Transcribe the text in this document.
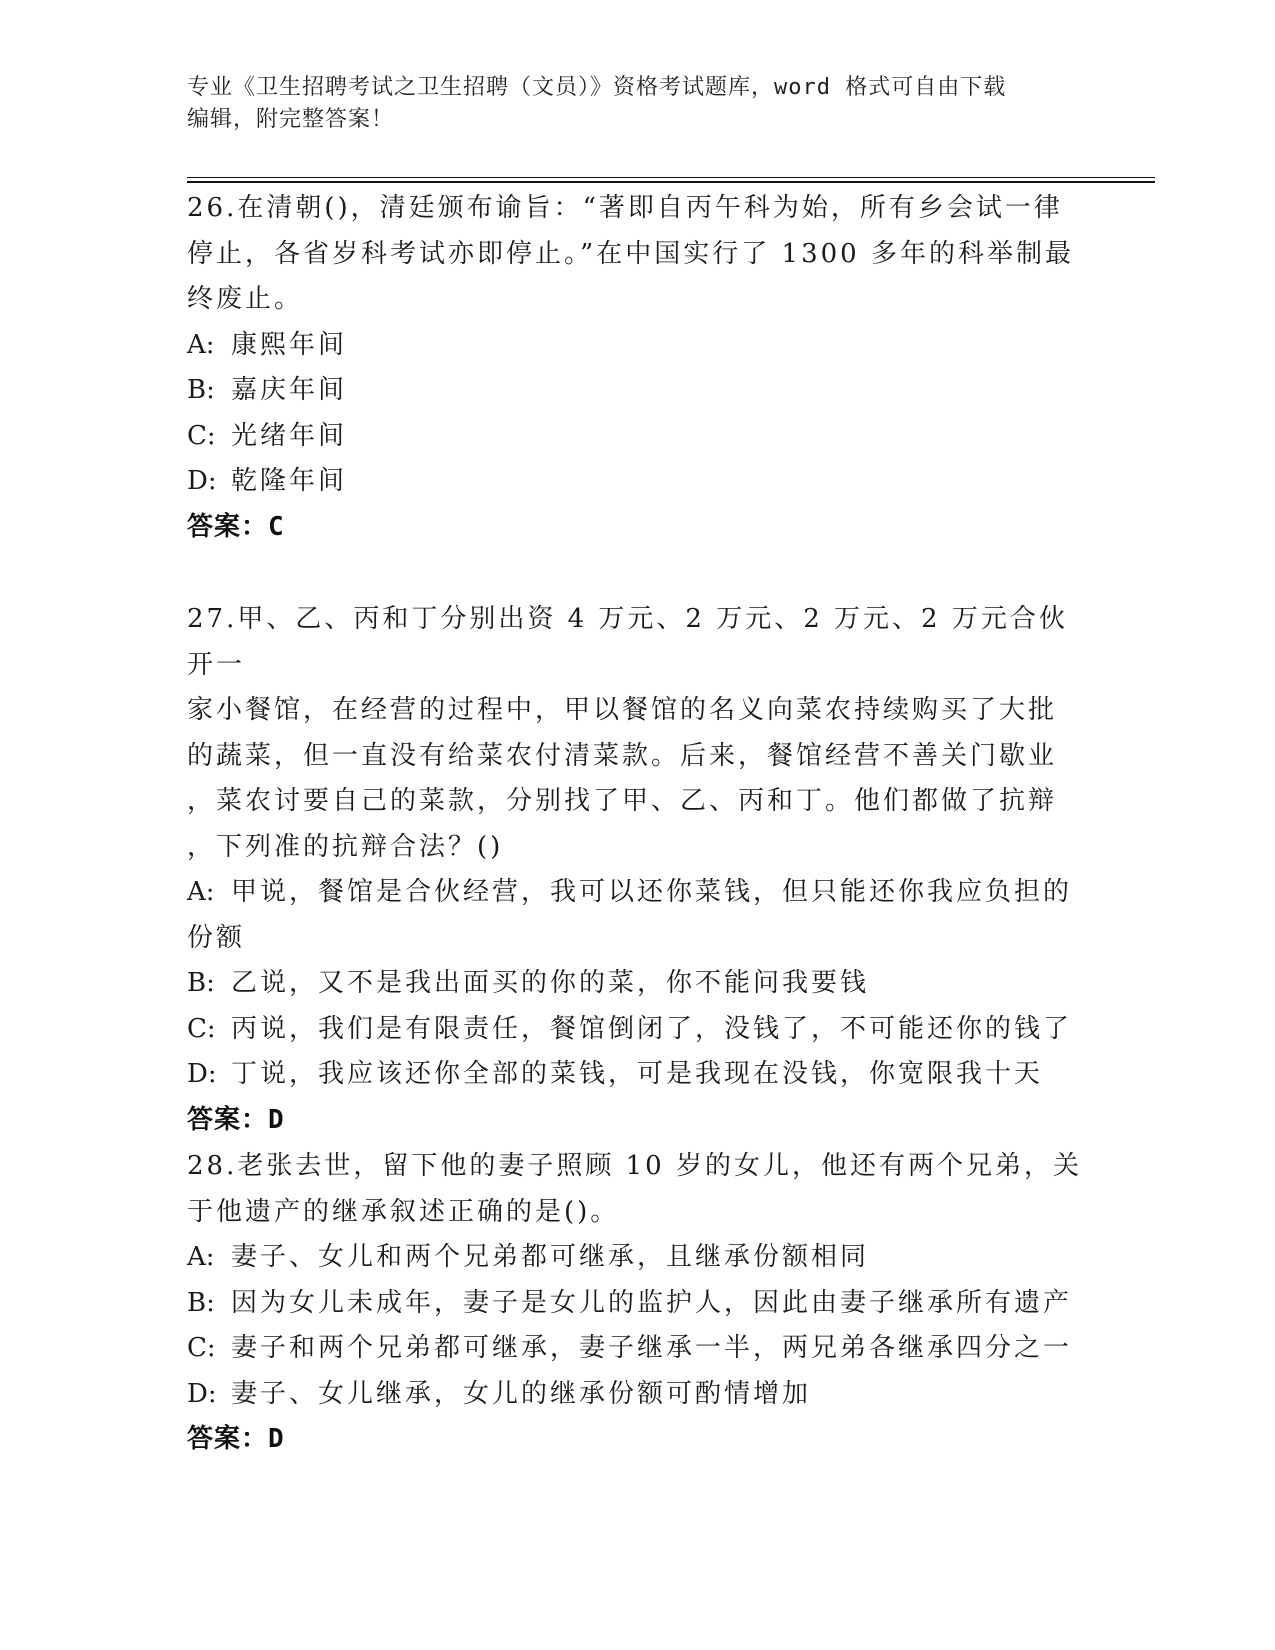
专业《卫生招聘考试之卫生招聘（文员）》资格考试题库，word 格式可自由下载
编辑，附完整答案！
26.在清朝()，清廷颁布谕旨：“著即自丙午科为始，所有乡会试一律
停止，各省岁科考试亦即停止。”在中国实行了 1300 多年的科举制最
终废止。
A: 康熙年间
B: 嘉庆年间
C: 光绪年间
D: 乾隆年间
答案：C
27.甲、乙、丙和丁分别出资 4 万元、2 万元、2 万元、2 万元合伙开一
家小餐馆，在经营的过程中，甲以餐馆的名义向菜农持续购买了大批
的蔬菜，但一直没有给菜农付清菜款。后来，餐馆经营不善关门歇业
，菜农讨要自己的菜款，分别找了甲、乙、丙和丁。他们都做了抗辩
，下列准的抗辩合法？()
A: 甲说，餐馆是合伙经营，我可以还你菜钱，但只能还你我应负担的
份额
B: 乙说，又不是我出面买的你的菜，你不能问我要钱
C: 丙说，我们是有限责任，餐馆倒闭了，没钱了，不可能还你的钱了
D: 丁说，我应该还你全部的菜钱，可是我现在没钱，你宽限我十天
答案：D
28.老张去世，留下他的妻子照顾 10 岁的女儿，他还有两个兄弟，关
于他遗产的继承叙述正确的是()。
A: 妻子、女儿和两个兄弟都可继承，且继承份额相同
B: 因为女儿未成年，妻子是女儿的监护人，因此由妻子继承所有遗产
C: 妻子和两个兄弟都可继承，妻子继承一半，两兄弟各继承四分之一
D: 妻子、女儿继承，女儿的继承份额可酌情增加
答案：D
